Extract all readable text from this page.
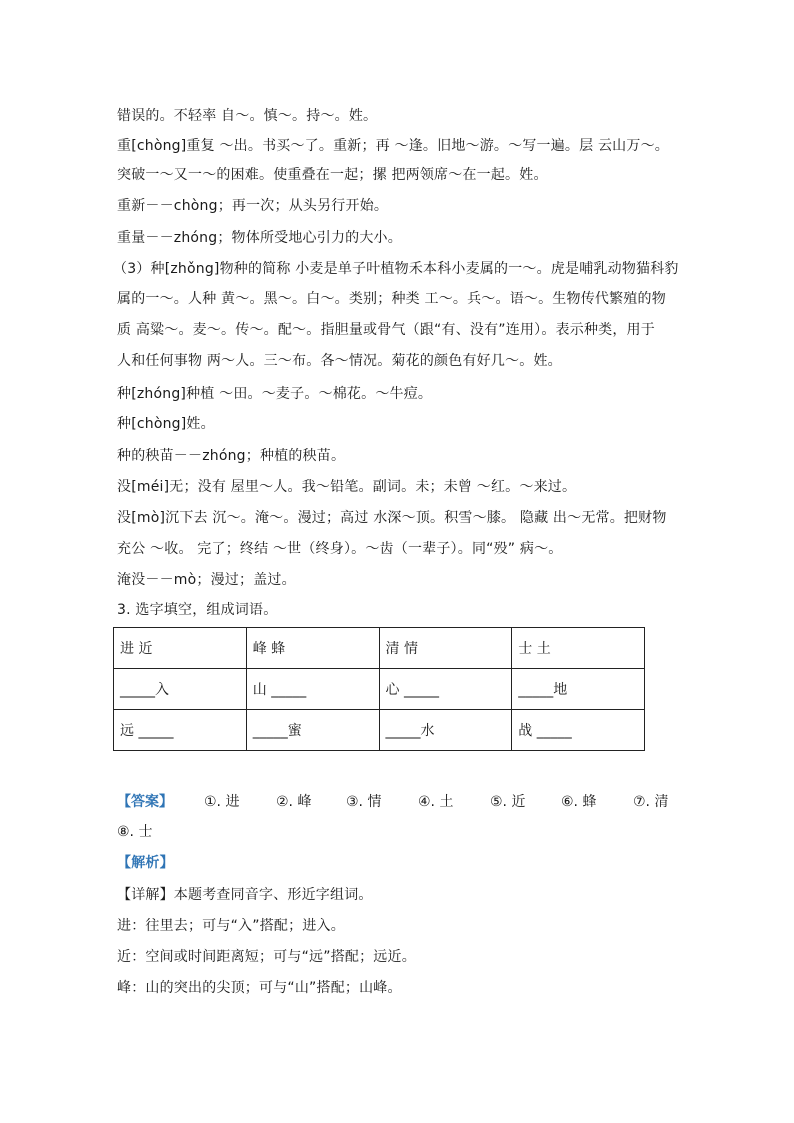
错误的。不轻率 自～。慎～。持～。姓。
重[chòng]重复 ～出。书买～了。重新；再 ～逢。旧地～游。～写一遍。层 云山万～。
突破一～又一～的困难。使重叠在一起；摞 把两领席～在一起。姓。
重新－－chòng；再一次；从头另行开始。
重量－－zhóng；物体所受地心引力的大小。
（3）种[zhǒng]物种的简称 小麦是单子叶植物禾本科小麦属的一～。虎是哺乳动物猫科豹
属的一～。人种 黄～。黑～。白～。类别；种类 工～。兵～。语～。生物传代繁殖的物
质 高粱～。麦～。传～。配～。指胆量或骨气（跟“有、没有”连用）。表示种类，用于
人和任何事物 两～人。三～布。各～情况。菊花的颜色有好几～。姓。
种[zhóng]种植 ～田。～麦子。～棉花。～牛痘。
种[chòng]姓。
种的秧苗－－zhóng；种植的秧苗。
没[méi]无；没有 屋里～人。我～铅笔。副词。未；未曾 ～红。～来过。
没[mò]沉下去 沉～。淹～。漫过；高过 水深～顶。积雪～膝。 隐藏 出～无常。把财物
充公 ～收。 完了；终结 ～世（终身）。～齿（一辈子）。同“殁” 病～。
淹没－－mò；漫过；盖过。
3. 选字填空，组成词语。
进 近	峰 蜂	清 情	士 土
_____入	山 _____	心 _____	_____地
远 _____	_____蜜	_____水	战 _____
【答案】 ①. 进	②. 峰 ③. 情	④. 土	⑤. 近	⑥. 蜂	⑦. 清
⑧. 士
【解析】
【详解】本题考查同音字、形近字组词。
进：往里去；可与“入”搭配；进入。
近：空间或时间距离短；可与“远”搭配；远近。
峰：山的突出的尖顶；可与“山”搭配；山峰。
